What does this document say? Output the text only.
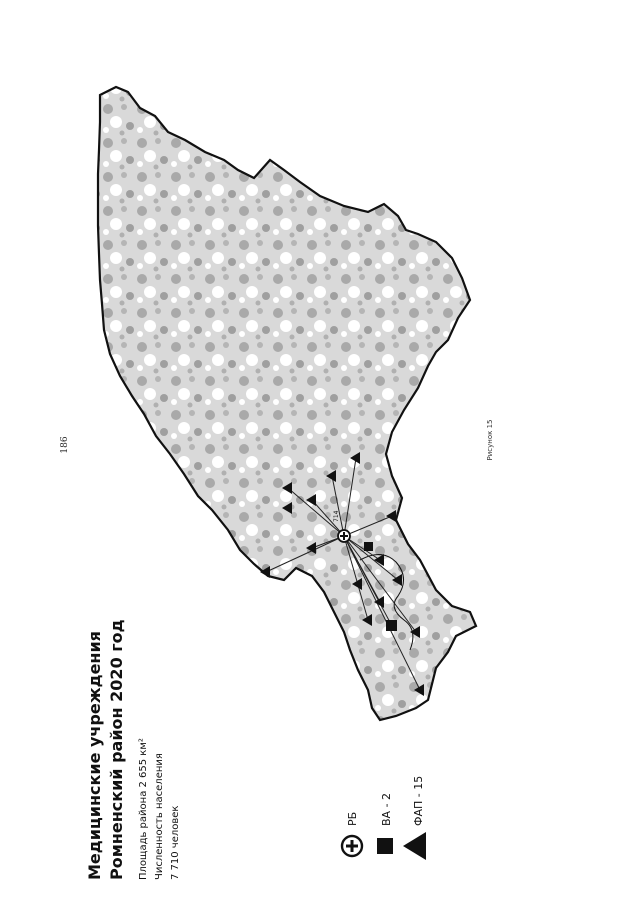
186	Рисунок 15
714
Медицинские учреждения Ромненский район 2020 год Площадь района 2 655 км² Численность населения 7 710 человек	РБ ВА - 2 ФАП - 15
